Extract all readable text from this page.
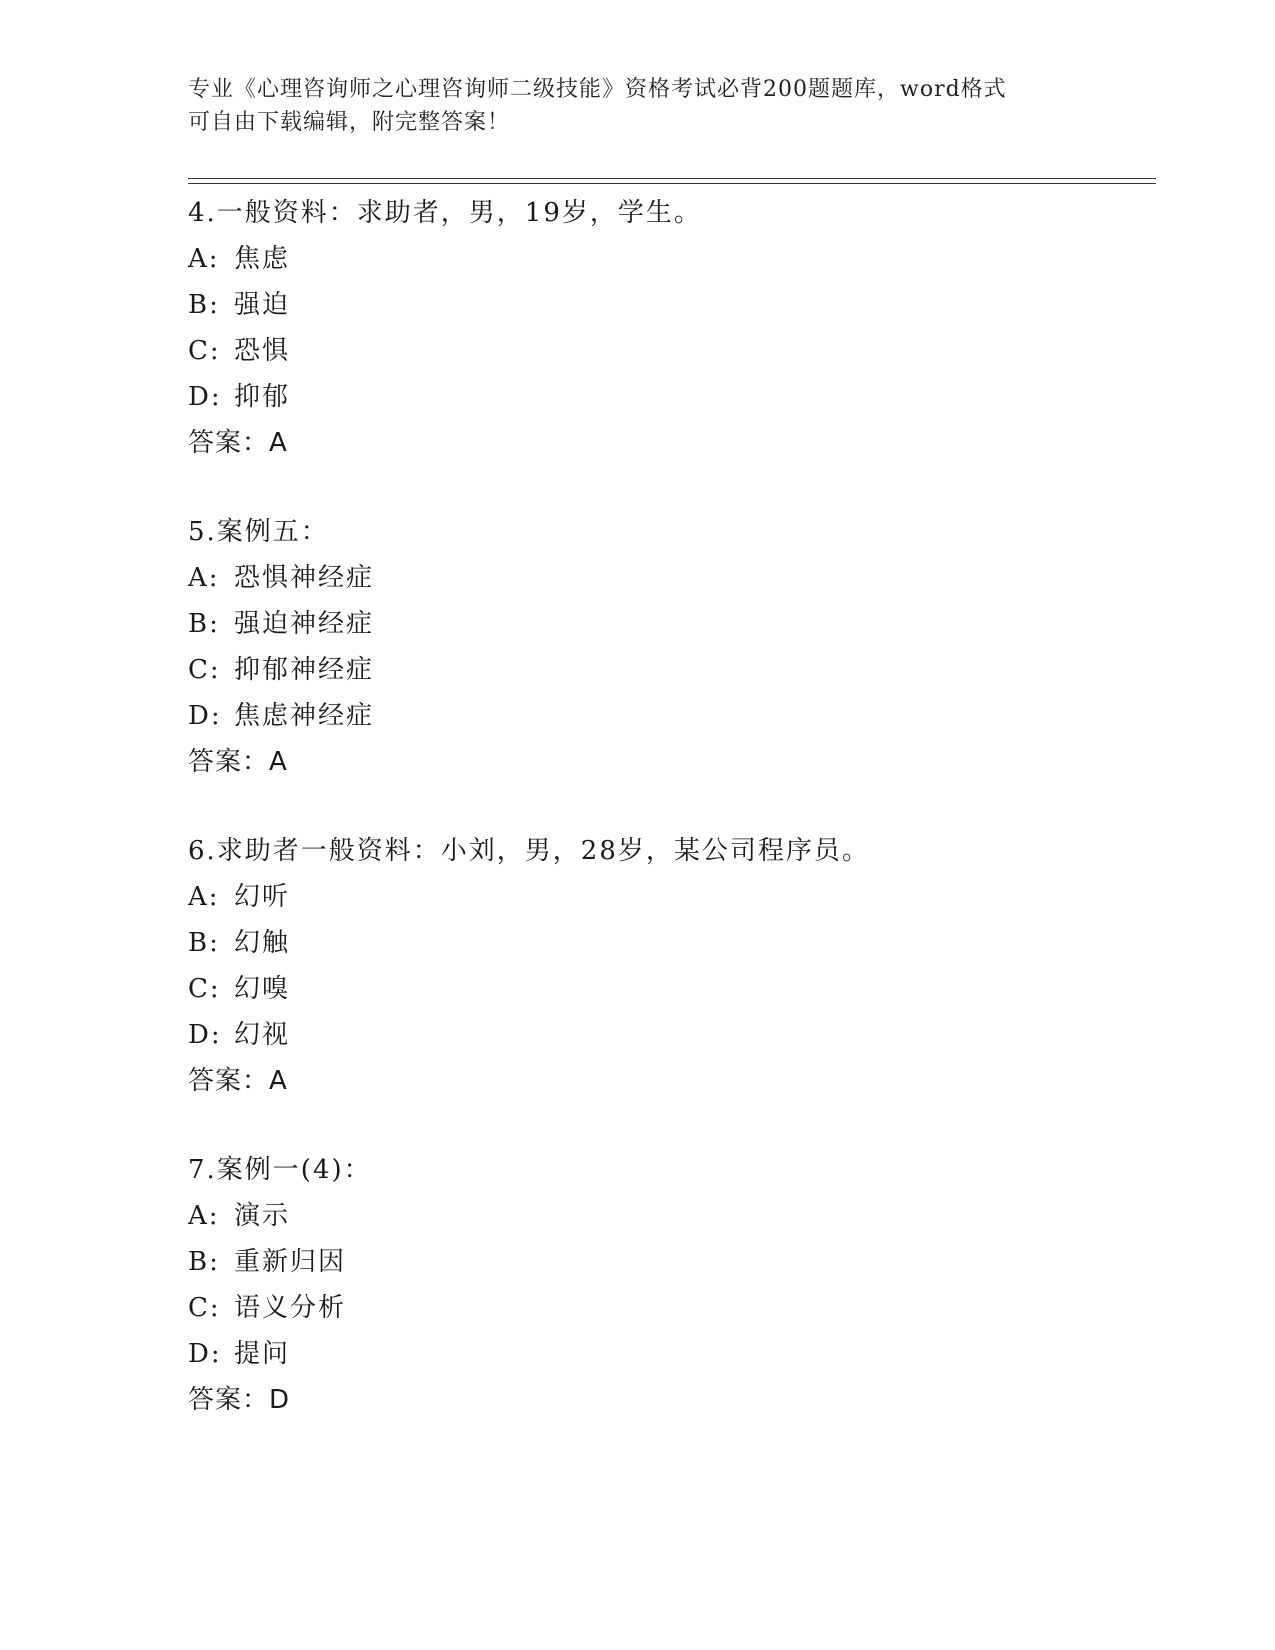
专业《心理咨询师之心理咨询师二级技能》资格考试必背200题题库，word格式
可自由下载编辑，附完整答案！
4.一般资料：求助者，男，19岁，学生。
A: 焦虑
B: 强迫
C: 恐惧
D: 抑郁
答案：A
5.案例五：
A: 恐惧神经症
B: 强迫神经症
C: 抑郁神经症
D: 焦虑神经症
答案：A
6.求助者一般资料：小刘，男，28岁，某公司程序员。
A: 幻听
B: 幻触
C: 幻嗅
D: 幻视
答案：A
7.案例一(4)：
A: 演示
B: 重新归因
C: 语义分析
D: 提问
答案：D
